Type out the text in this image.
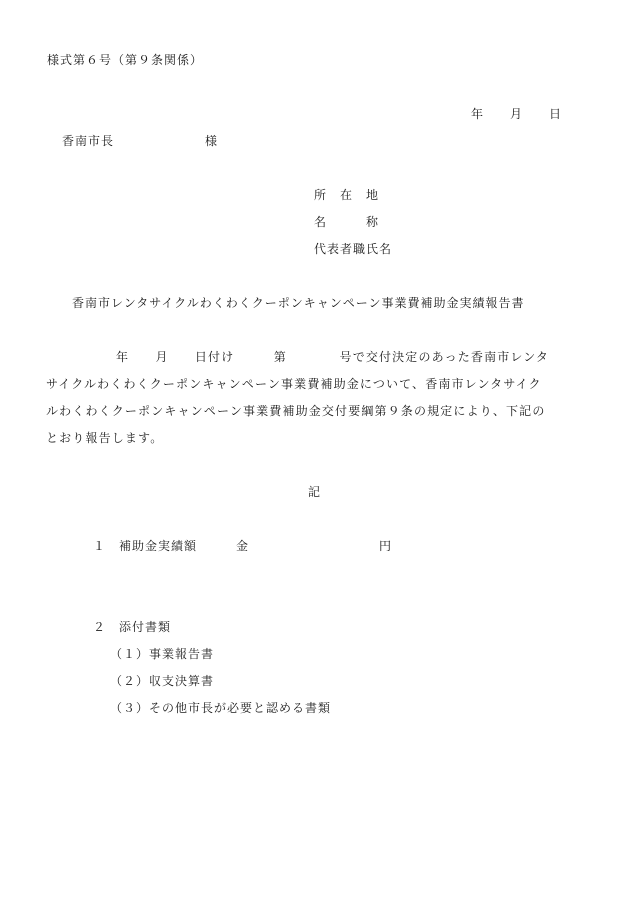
様式第６号（第９条関係）
年　　月　　日
香南市長　　　　　　　様
所　在　地
名　　　称
代表者職氏名
香南市レンタサイクルわくわくクーポンキャンペーン事業費補助金実績報告書
年　　月　　日付け　　　第　　　　号で交付決定のあった香南市レンタ
サイクルわくわくクーポンキャンペーン事業費補助金について、香南市レンタサイク
ルわくわくクーポンキャンペーン事業費補助金交付要綱第９条の規定により、下記の
とおり報告します。
記
１　補助金実績額　　　金　　　　　　　　　　円
２　添付書類
（１）事業報告書
（２）収支決算書
（３）その他市長が必要と認める書類
